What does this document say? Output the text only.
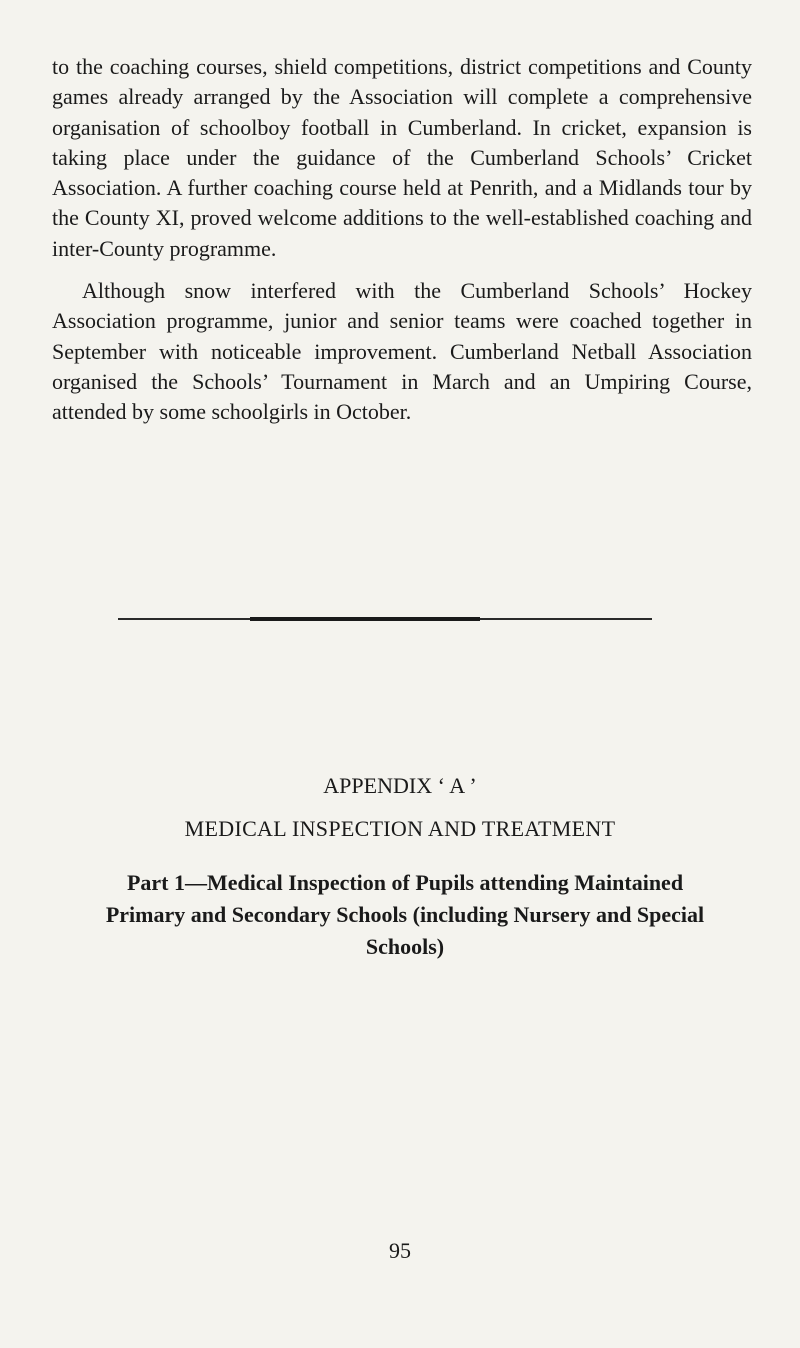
to the coaching courses, shield competitions, district competitions and County games already arranged by the Association will complete a comprehensive organisation of schoolboy football in Cumberland. In cricket, expansion is taking place under the guidance of the Cumberland Schools’ Cricket Association. A further coaching course held at Penrith, and a Midlands tour by the County XI, proved welcome additions to the well-established coaching and inter-County programme.

Although snow interfered with the Cumberland Schools’ Hockey Association programme, junior and senior teams were coached together in September with noticeable improvement. Cumberland Netball Association organised the Schools’ Tournament in March and an Umpiring Course, attended by some schoolgirls in October.

APPENDIX ‘ A ’
MEDICAL INSPECTION AND TREATMENT
Part 1—Medical Inspection of Pupils attending Maintained Primary and Secondary Schools (including Nursery and Special Schools)
95
